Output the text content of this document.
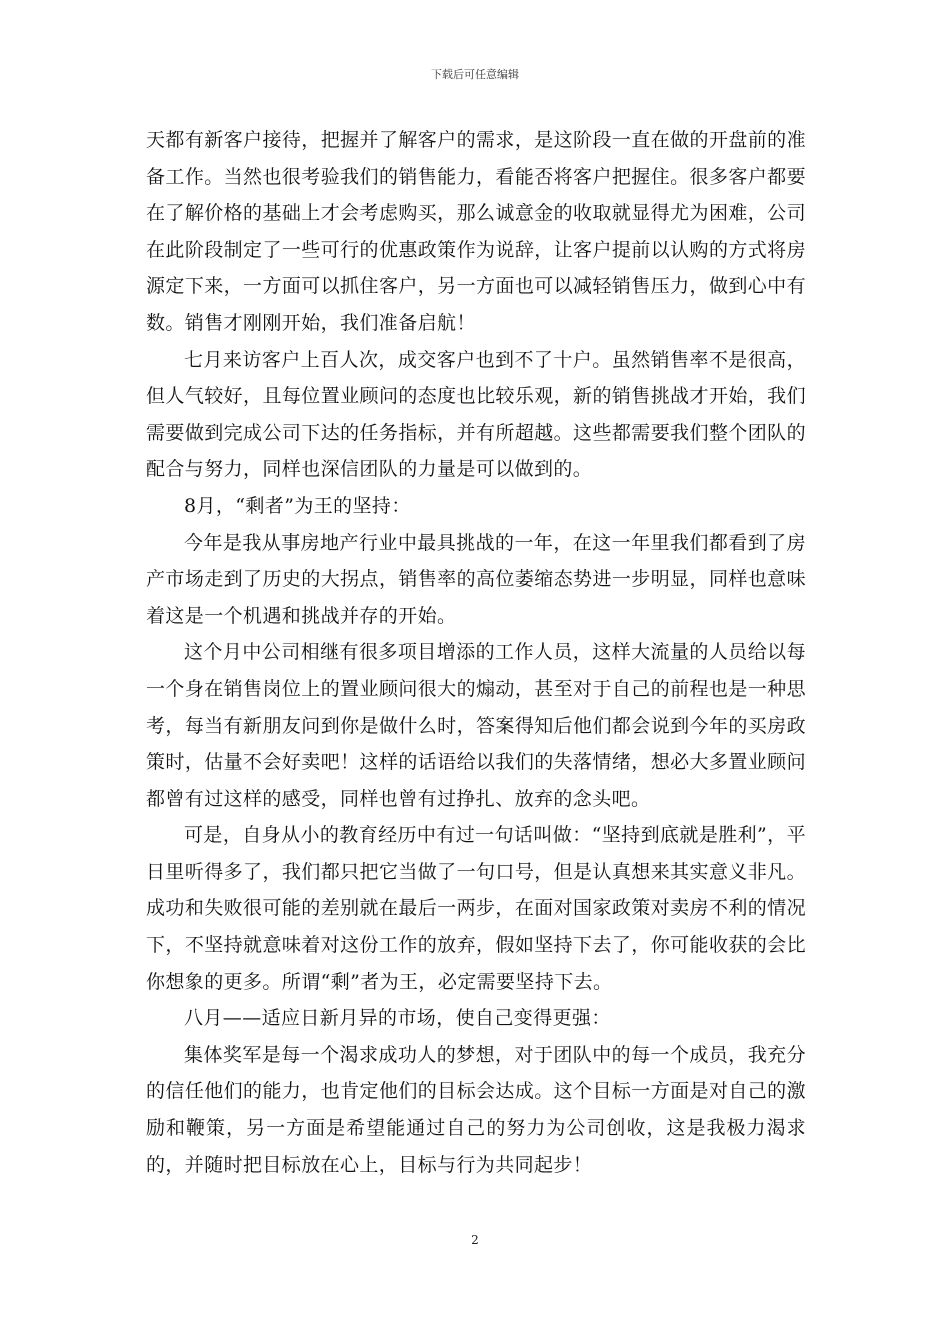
下载后可任意编辑

天都有新客户接待，把握并了解客户的需求，是这阶段一直在做的开盘前的准备工作。当然也很考验我们的销售能力，看能否将客户把握住。很多客户都要在了解价格的基础上才会考虑购买，那么诚意金的收取就显得尤为困难，公司在此阶段制定了一些可行的优惠政策作为说辞，让客户提前以认购的方式将房源定下来，一方面可以抓住客户，另一方面也可以减轻销售压力，做到心中有数。销售才刚刚开始，我们准备启航！

七月来访客户上百人次，成交客户也到不了十户。虽然销售率不是很高，但人气较好，且每位置业顾问的态度也比较乐观，新的销售挑战才开始，我们需要做到完成公司下达的任务指标，并有所超越。这些都需要我们整个团队的配合与努力，同样也深信团队的力量是可以做到的。

8月，“剩者”为王的坚持：

今年是我从事房地产行业中最具挑战的一年，在这一年里我们都看到了房产市场走到了历史的大拐点，销售率的高位萎缩态势进一步明显，同样也意味着这是一个机遇和挑战并存的开始。

这个月中公司相继有很多项目增添的工作人员，这样大流量的人员给以每一个身在销售岗位上的置业顾问很大的煽动，甚至对于自己的前程也是一种思考，每当有新朋友问到你是做什么时，答案得知后他们都会说到今年的买房政策时，估量不会好卖吧！这样的话语给以我们的失落情绪，想必大多置业顾问都曾有过这样的感受，同样也曾有过挣扎、放弃的念头吧。

可是，自身从小的教育经历中有过一句话叫做：“坚持到底就是胜利”，平日里听得多了，我们都只把它当做了一句口号，但是认真想来其实意义非凡。成功和失败很可能的差别就在最后一两步，在面对国家政策对卖房不利的情况下，不坚持就意味着对这份工作的放弃，假如坚持下去了，你可能收获的会比你想象的更多。所谓“剩”者为王，必定需要坚持下去。

八月——适应日新月异的市场，使自己变得更强：

集体奖军是每一个渴求成功人的梦想，对于团队中的每一个成员，我充分的信任他们的能力，也肯定他们的目标会达成。这个目标一方面是对自己的激励和鞭策，另一方面是希望能通过自己的努力为公司创收，这是我极力渴求的，并随时把目标放在心上，目标与行为共同起步！

2
